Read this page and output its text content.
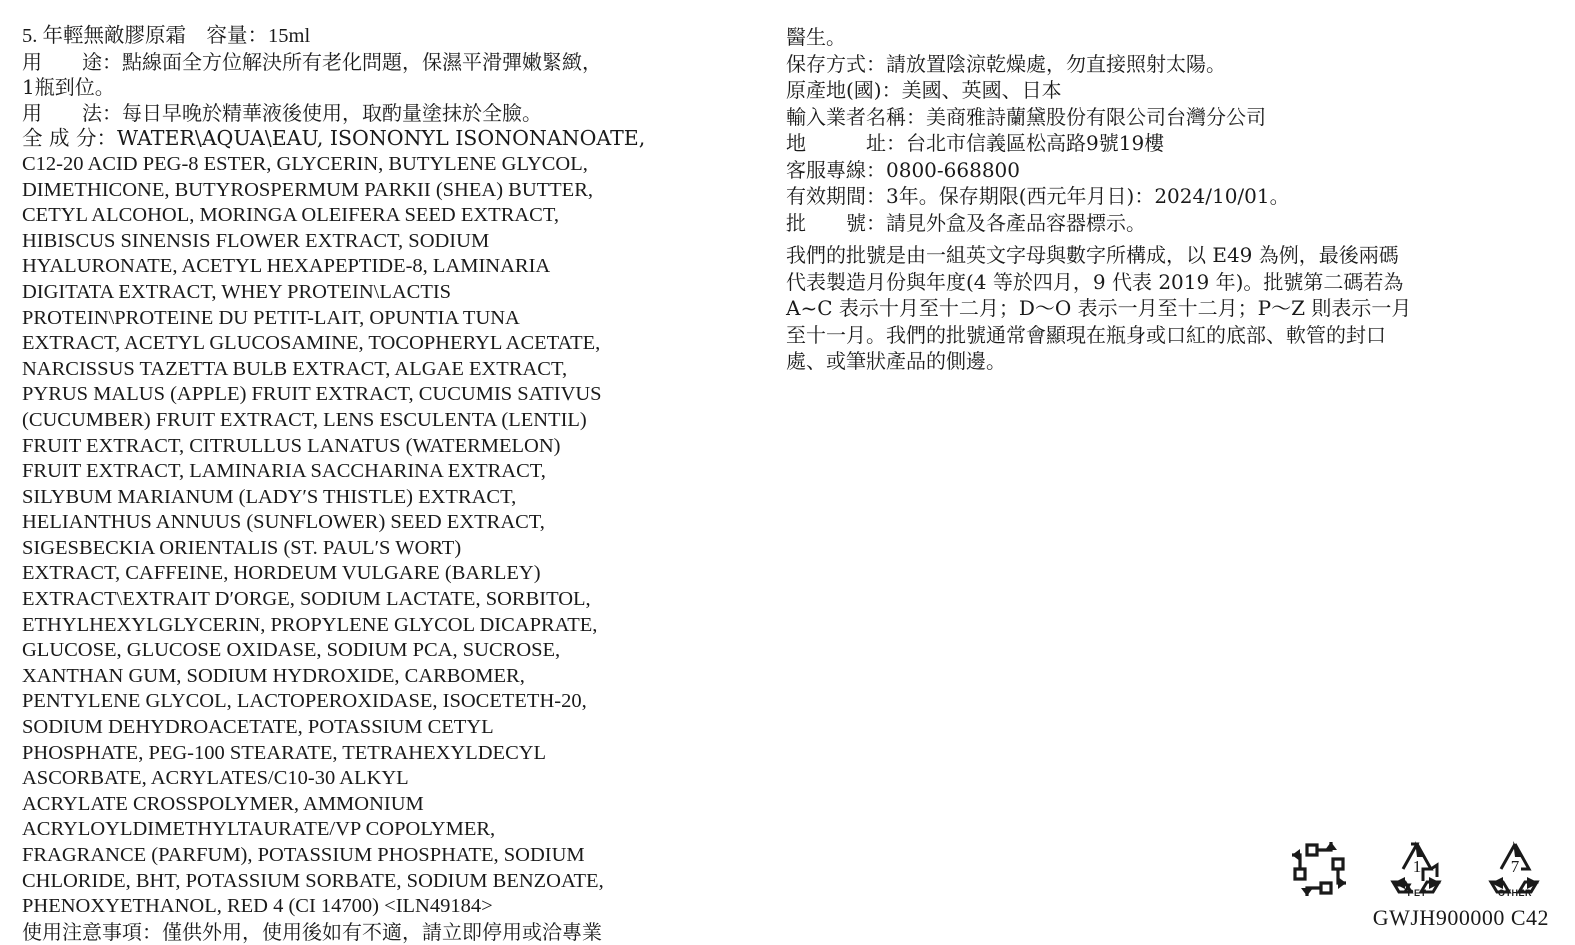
5. 年輕無敵膠原霜　容量：15ml
用　　途：點線面全方位解決所有老化問題，保濕平滑彈嫩緊緻，
1瓶到位。
用　　法：每日早晚於精華液後使用，取酌量塗抹於全臉。
全 成 分：WATER\AQUA\EAU, ISONONYL ISONONANOATE,
C12-20 ACID PEG-8 ESTER, GLYCERIN, BUTYLENE GLYCOL,
DIMETHICONE, BUTYROSPERMUM PARKII (SHEA) BUTTER,
CETYL ALCOHOL, MORINGA OLEIFERA SEED EXTRACT,
HIBISCUS SINENSIS FLOWER EXTRACT, SODIUM
HYALURONATE, ACETYL HEXAPEPTIDE-8, LAMINARIA
DIGITATA EXTRACT, WHEY PROTEIN\LACTIS
PROTEIN\PROTEINE DU PETIT-LAIT, OPUNTIA TUNA
EXTRACT, ACETYL GLUCOSAMINE, TOCOPHERYL ACETATE,
NARCISSUS TAZETTA BULB EXTRACT, ALGAE EXTRACT,
PYRUS MALUS (APPLE) FRUIT EXTRACT, CUCUMIS SATIVUS
(CUCUMBER) FRUIT EXTRACT, LENS ESCULENTA (LENTIL)
FRUIT EXTRACT, CITRULLUS LANATUS (WATERMELON)
FRUIT EXTRACT, LAMINARIA SACCHARINA EXTRACT,
SILYBUM MARIANUM (LADY′S THISTLE) EXTRACT,
HELIANTHUS ANNUUS (SUNFLOWER) SEED EXTRACT,
SIGESBECKIA ORIENTALIS (ST. PAUL′S WORT)
EXTRACT, CAFFEINE, HORDEUM VULGARE (BARLEY)
EXTRACT\EXTRAIT D′ORGE, SODIUM LACTATE, SORBITOL,
ETHYLHEXYLGLYCERIN, PROPYLENE GLYCOL DICAPRATE,
GLUCOSE, GLUCOSE OXIDASE, SODIUM PCA, SUCROSE,
XANTHAN GUM, SODIUM HYDROXIDE, CARBOMER,
PENTYLENE GLYCOL, LACTOPEROXIDASE, ISOCETETH-20,
SODIUM DEHYDROACETATE, POTASSIUM CETYL
PHOSPHATE, PEG-100 STEARATE, TETRAHEXYLDECYL
ASCORBATE, ACRYLATES/C10-30 ALKYL
ACRYLATE CROSSPOLYMER, AMMONIUM
ACRYLOYLDIMETHYLTAURATE/VP COPOLYMER,
FRAGRANCE (PARFUM), POTASSIUM PHOSPHATE, SODIUM
CHLORIDE, BHT, POTASSIUM SORBATE, SODIUM BENZOATE,
PHENOXYETHANOL, RED 4 (CI 14700) <ILN49184>
使用注意事項：僅供外用，使用後如有不適，請立即停用或洽專業
醫生。
保存方式：請放置陰涼乾燥處，勿直接照射太陽。
原產地(國)：美國、英國、日本
輸入業者名稱：美商雅詩蘭黛股份有限公司台灣分公司
地　　　址：台北市信義區松高路9號19樓
客服專線：0800-668800
有效期間：3年。保存期限(西元年月日)：2024/10/01。
批　　號：請見外盒及各產品容器標示。
我們的批號是由一組英文字母與數字所構成，以 E49 為例，最後兩碼
代表製造月份與年度(4 等於四月，9 代表 2019 年)。批號第二碼若為
A~C 表示十月至十二月；D～O 表示一月至十二月；P～Z 則表示一月
至十一月。我們的批號通常會顯現在瓶身或口紅的底部、軟管的封口
處、或筆狀產品的側邊。
1
PET
7
OTHER
GWJH900000 C42
